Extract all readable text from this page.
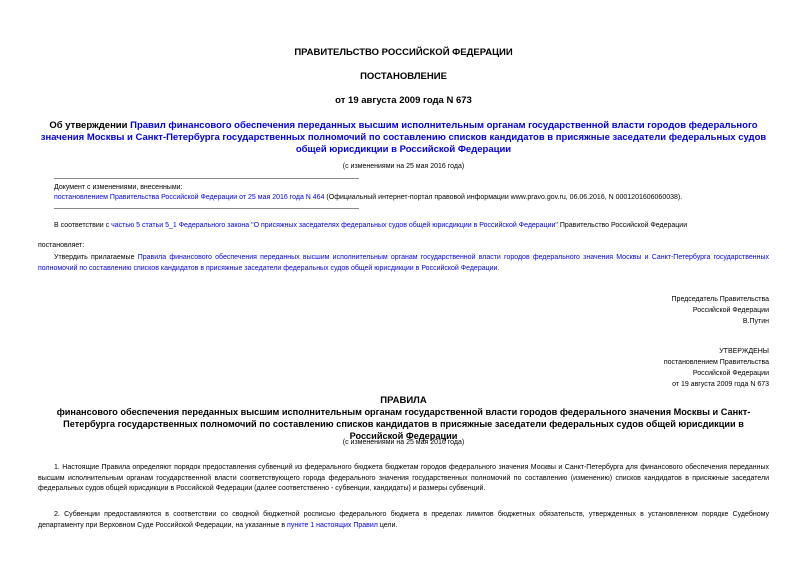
ПРАВИТЕЛЬСТВО РОССИЙСКОЙ ФЕДЕРАЦИИ
ПОСТАНОВЛЕНИЕ
от 19 августа 2009 года N 673
Об утверждении Правил финансового обеспечения переданных высшим исполнительным органам государственной власти городов федерального значения Москвы и Санкт-Петербурга государственных полномочий по составлению списков кандидатов в присяжные заседатели федеральных судов общей юрисдикции в Российской Федерации
(с изменениями на 25 мая 2016 года)
Документ с изменениями, внесенными:
постановлением Правительства Российской Федерации от 25 мая 2016 года N 464 (Официальный интернет-портал правовой информации www.pravo.gov.ru, 06.06.2016, N 0001201606060038).
В соответствии с частью 5 статьи 5_1 Федерального закона "О присяжных заседателях федеральных судов общей юрисдикции в Российской Федерации" Правительство Российской Федерации
постановляет:
Утвердить прилагаемые Правила финансового обеспечения переданных высшим исполнительным органам государственной власти городов федерального значения Москвы и Санкт-Петербурга государственных полномочий по составлению списков кандидатов в присяжные заседатели федеральных судов общей юрисдикции в Российской Федерации.
Председатель Правительства
Российской Федерации
В.Путин
УТВЕРЖДЕНЫ
постановлением Правительства
Российской Федерации
от 19 августа 2009 года N 673
ПРАВИЛА
финансового обеспечения переданных высшим исполнительным органам государственной власти городов федерального значения Москвы и Санкт-Петербурга государственных полномочий по составлению списков кандидатов в присяжные заседатели федеральных судов общей юрисдикции в Российской Федерации
(с изменениями на 25 мая 2016 года)
1. Настоящие Правила определяют порядок предоставления субвенций из федерального бюджета бюджетам городов федерального значения Москвы и Санкт-Петербурга для финансового обеспечения переданных высшим исполнительным органам государственной власти соответствующего города федерального значения государственных полномочий по составлению (изменению) списков кандидатов в присяжные заседатели федеральных судов общей юрисдикции в Российской Федерации (далее соответственно - субвенции, кандидаты) и размеры субвенций.
2. Субвенции предоставляются в соответствии со сводной бюджетной росписью федерального бюджета в пределах лимитов бюджетных обязательств, утвержденных в установленном порядке Судебному департаменту при Верховном Суде Российской Федерации, на указанные в пункте 1 настоящих Правил цели.
